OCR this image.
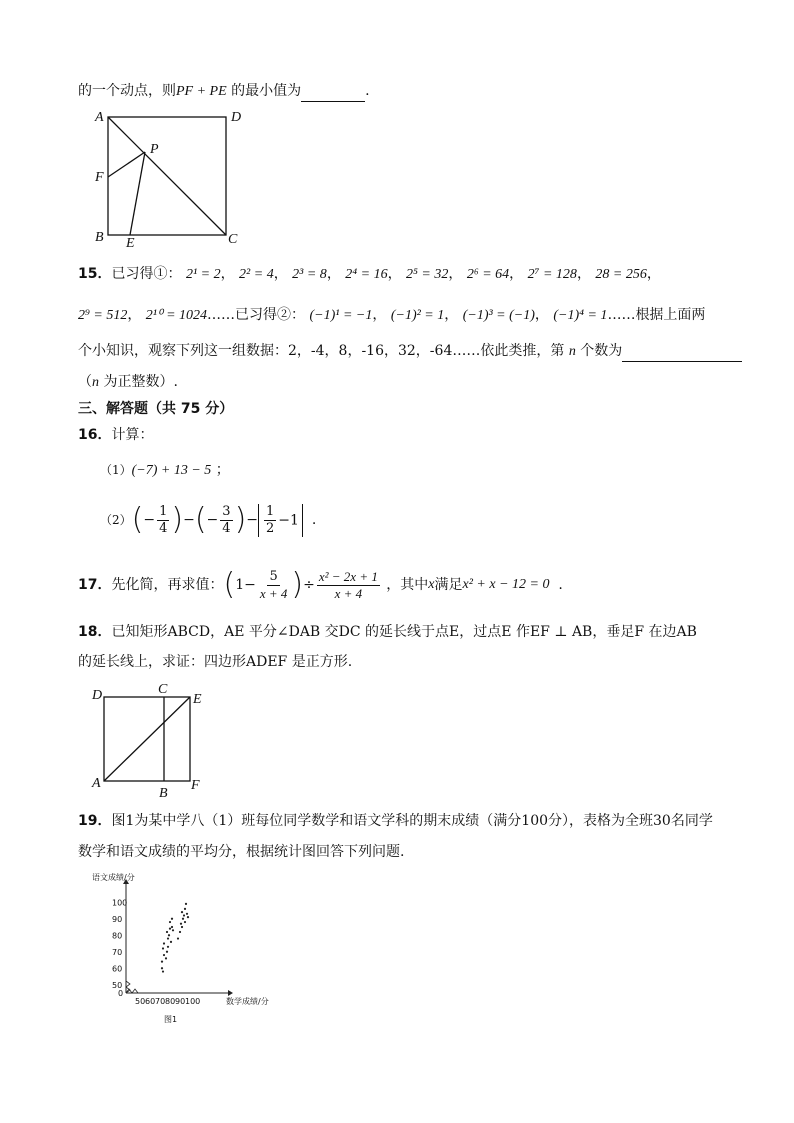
的一个动点，则PF + PE 的最小值为	.
A	D
P
F
B E	C
15．已习得①： 2¹ = 2， 2² = 4， 2³ = 8， 2⁴ = 16， 2⁵ = 32， 2⁶ = 64， 2⁷ = 128， 28 = 256，
2⁹ = 512， 2¹⁰ = 1024……已习得②： (−1)¹ = −1， (−1)² = 1， (−1)³ = (−1)， (−1)⁴ = 1……根据上面两
个小知识，观察下列这一组数据：2，-4，8，-16，32，-64……依此类推，第 n 个数为
（n 为正整数）.
三、解答题（共 75 分）
16．计算：
（1）(−7) + 13 − 5 ；
（2） ( − $\frac{1}{4}$ ) − ( − $\frac{3}{4}$ ) − $\frac{1}{2} -1$
.
17． 先化简，再求值： ( $1 - \frac{5}{x + 4}$ ) ÷ $\frac{\text{x² − 2x + 1}}{x + 4}$
，其中 x 满足 x² + x − 12 = 0
.
18．已知矩形ABCD，AE 平分∠DAB 交DC 的延长线于点E，过点E 作EF ⊥ AB，垂足F 在边AB
的延长线上，求证：四边形ADEF 是正方形.
D	C
E
A
B
F
19．图1为某中学八（1）班每位同学数学和语文学科的期末成绩（满分100分），表格为全班30名同学
数学和语文成绩的平均分，根据统计图回答下列问题.
0
50 60 70 80 90 100
50
60
70
80
90
100
语文成绩/分
数学成绩/分
图1
